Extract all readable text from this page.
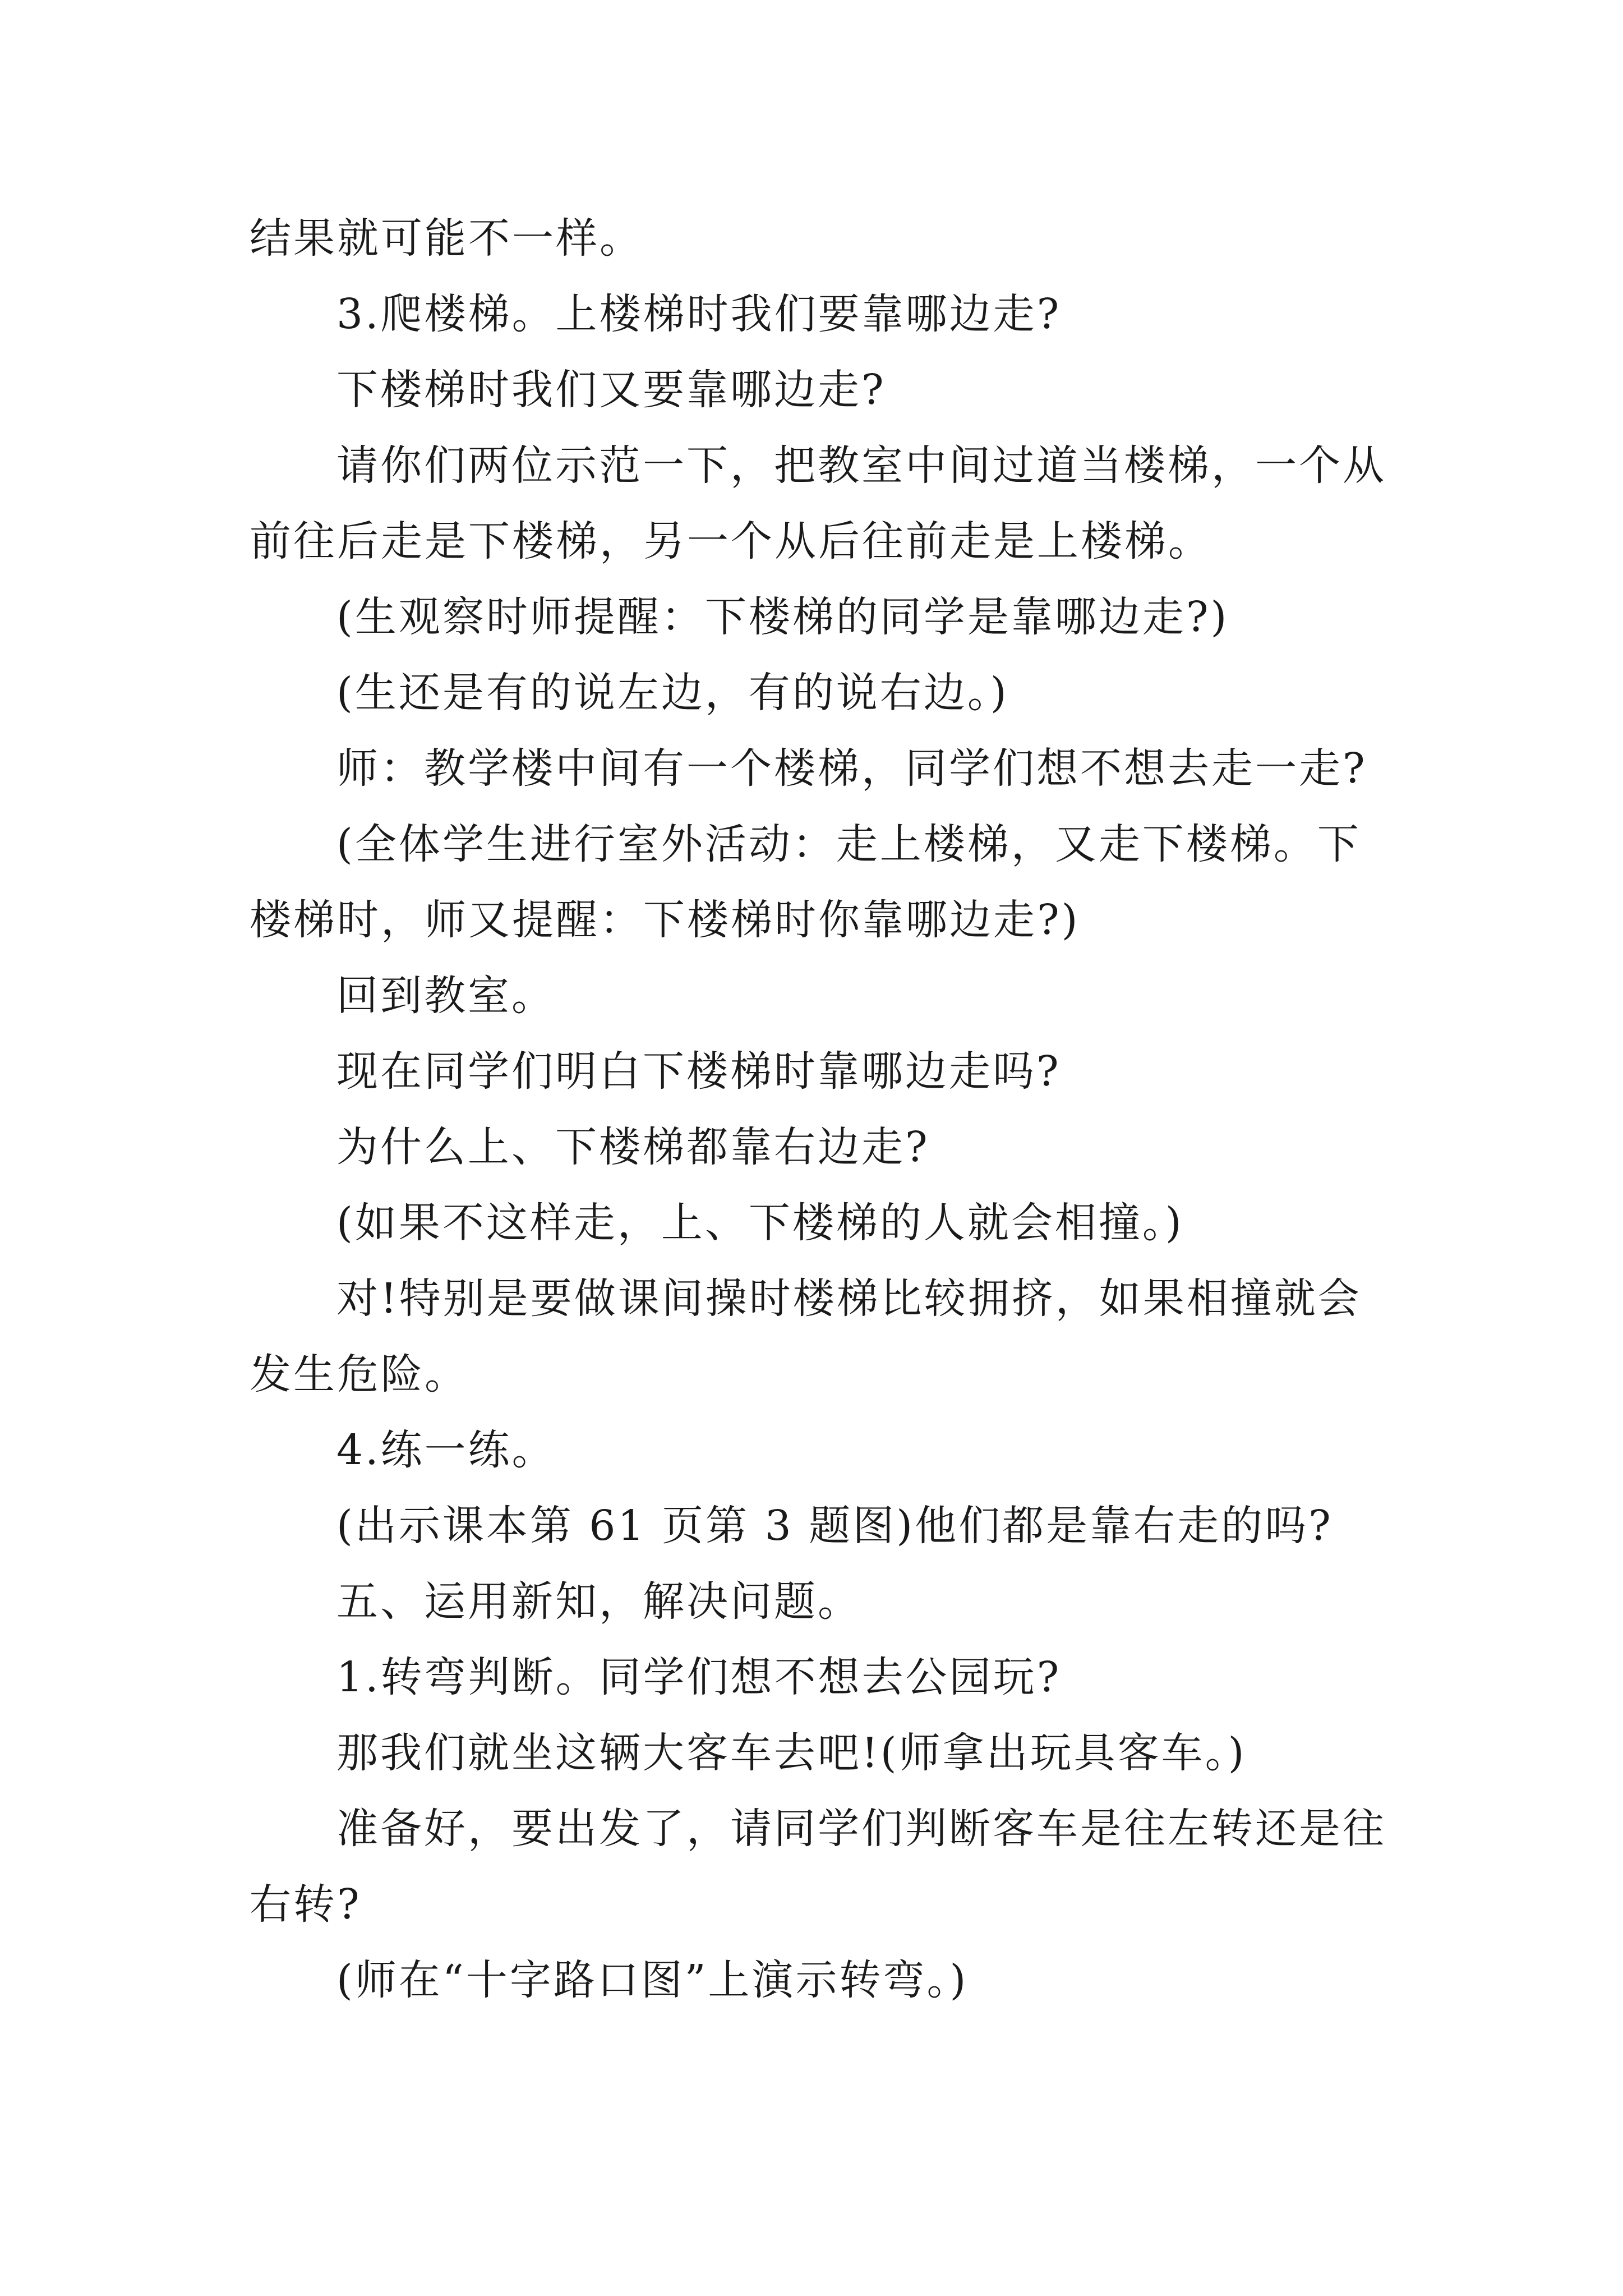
结果就可能不一样。
3.爬楼梯。上楼梯时我们要靠哪边走?
下楼梯时我们又要靠哪边走?
请你们两位示范一下，把教室中间过道当楼梯，一个从
前往后走是下楼梯，另一个从后往前走是上楼梯。
(生观察时师提醒：下楼梯的同学是靠哪边走?)
(生还是有的说左边，有的说右边。)
师：教学楼中间有一个楼梯，同学们想不想去走一走?
(全体学生进行室外活动：走上楼梯，又走下楼梯。下
楼梯时，师又提醒：下楼梯时你靠哪边走?)
回到教室。
现在同学们明白下楼梯时靠哪边走吗?
为什么上、下楼梯都靠右边走?
(如果不这样走，上、下楼梯的人就会相撞。)
对!特别是要做课间操时楼梯比较拥挤，如果相撞就会
发生危险。
4.练一练。
(出示课本第 61 页第 3 题图)他们都是靠右走的吗?
五、运用新知，解决问题。
1.转弯判断。同学们想不想去公园玩?
那我们就坐这辆大客车去吧!(师拿出玩具客车。)
准备好，要出发了，请同学们判断客车是往左转还是往
右转?
(师在“十字路口图”上演示转弯。)
